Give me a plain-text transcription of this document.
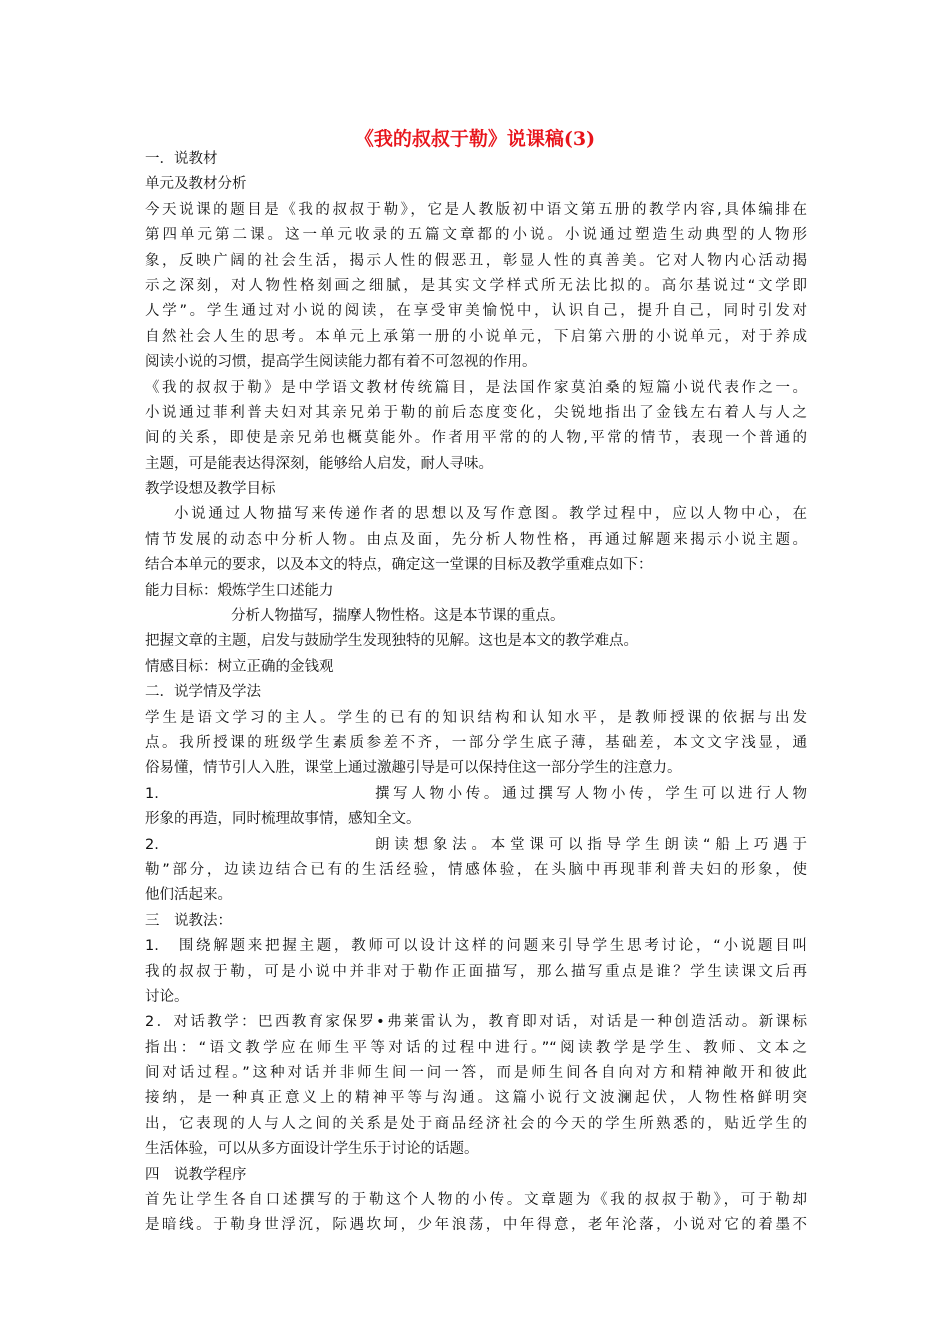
《我的叔叔于勒》说课稿(3)
一．说教材
单元及教材分析
今天说课的题目是《我的叔叔于勒》，它是人教版初中语文第五册的教学内容,具体编排在
第四单元第二课。这一单元收录的五篇文章都的小说。小说通过塑造生动典型的人物形
象，反映广阔的社会生活，揭示人性的假恶丑，彰显人性的真善美。它对人物内心活动揭
示之深刻，对人物性格刻画之细腻，是其实文学样式所无法比拟的。高尔基说过“文学即
人学”。学生通过对小说的阅读，在享受审美愉悦中，认识自己，提升自己，同时引发对
自然社会人生的思考。本单元上承第一册的小说单元，下启第六册的小说单元，对于养成
阅读小说的习惯，提高学生阅读能力都有着不可忽视的作用。
《我的叔叔于勒》是中学语文教材传统篇目，是法国作家莫泊桑的短篇小说代表作之一。
小说通过菲利普夫妇对其亲兄弟于勒的前后态度变化，尖锐地指出了金钱左右着人与人之
间的关系，即使是亲兄弟也概莫能外。作者用平常的的人物,平常的情节，表现一个普通的
主题，可是能表达得深刻，能够给人启发，耐人寻味。
教学设想及教学目标
小说通过人物描写来传递作者的思想以及写作意图。教学过程中，应以人物中心，在
情节发展的动态中分析人物。由点及面，先分析人物性格，再通过解题来揭示小说主题。
结合本单元的要求，以及本文的特点，确定这一堂课的目标及教学重难点如下：
能力目标：煅炼学生口述能力
分析人物描写，揣摩人物性格。这是本节课的重点。
把握文章的主题，启发与鼓励学生发现独特的见解。这也是本文的教学难点。
情感目标：树立正确的金钱观
二．说学情及学法
学生是语文学习的主人。学生的已有的知识结构和认知水平，是教师授课的依据与出发
点。我所授课的班级学生素质参差不齐，一部分学生底子薄，基础差，本文文字浅显，通
俗易懂，情节引人入胜，课堂上通过激趣引导是可以保持住这一部分学生的注意力。
1.	撰写人物小传。通过撰写人物小传，学生可以进行人物
形象的再造，同时梳理故事情，感知全文。
2.	朗读想象法。本堂课可以指导学生朗读“船上巧遇于
勒”部分，边读边结合已有的生活经验，情感体验，在头脑中再现菲利普夫妇的形象，使
他们活起来。
三　说教法：
1.　围绕解题来把握主题，教师可以设计这样的问题来引导学生思考讨论，“小说题目叫
我的叔叔于勒，可是小说中并非对于勒作正面描写，那么描写重点是谁？学生读课文后再
讨论。
2．对话教学：巴西教育家保罗•弗莱雷认为，教育即对话，对话是一种创造活动。新课标
指出：“语文教学应在师生平等对话的过程中进行。”“阅读教学是学生、教师、文本之
间对话过程。”这种对话并非师生间一问一答，而是师生间各自向对方和精神敞开和彼此
接纳，是一种真正意义上的精神平等与沟通。这篇小说行文波澜起伏，人物性格鲜明突
出，它表现的人与人之间的关系是处于商品经济社会的今天的学生所熟悉的，贴近学生的
生活体验，可以从多方面设计学生乐于讨论的话题。
四　说教学程序
首先让学生各自口述撰写的于勒这个人物的小传。文章题为《我的叔叔于勒》，可于勒却
是暗线。于勒身世浮沉，际遇坎坷，少年浪荡，中年得意，老年沦落，小说对它的着墨不
